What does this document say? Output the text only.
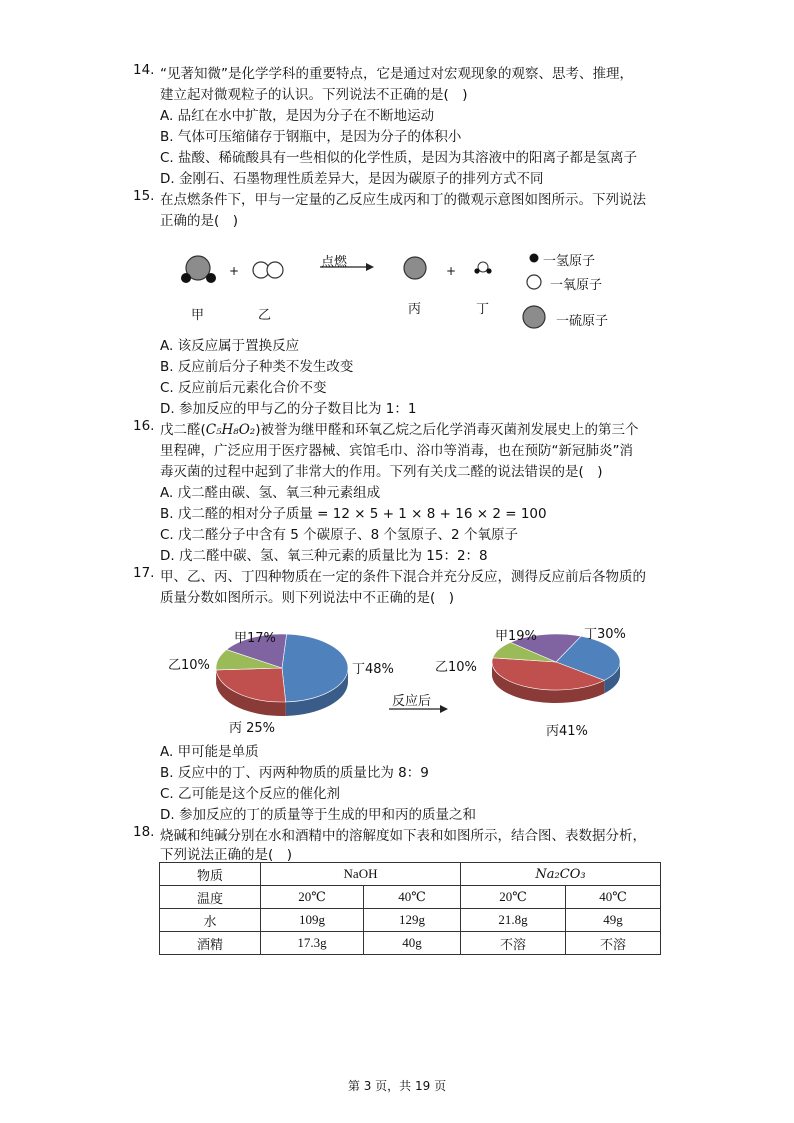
14. “见著知微”是化学学科的重要特点，它是通过对宏观现象的观察、思考、推理，
建立起对微观粒子的认识。下列说法不正确的是(　)
A. 品红在水中扩散，是因为分子在不断地运动
B. 气体可压缩储存于钢瓶中，是因为分子的体积小
C. 盐酸、稀硫酸具有一些相似的化学性质，是因为其溶液中的阳离子都是氢离子
D. 金刚石、石墨物理性质差异大，是因为碳原子的排列方式不同
15. 在点燃条件下，甲与一定量的乙反应生成丙和丁的微观示意图如图所示。下列说法
正确的是(　)
+	+
点燃
甲	乙	丙	丁
一氢原子
一氧原子
一硫原子
A. 该反应属于置换反应
B. 反应前后分子种类不发生改变
C. 反应前后元素化合价不变
D. 参加反应的甲与乙的分子数目比为 1：1
16. 戊二醛(C₅H₈O₂)被誉为继甲醛和环氧乙烷之后化学消毒灭菌剂发展史上的第三个
里程碑，广泛应用于医疗器械、宾馆毛巾、浴巾等消毒，也在预防“新冠肺炎”消
毒灭菌的过程中起到了非常大的作用。下列有关戊二醛的说法错误的是(　)
A. 戊二醛由碳、氢、氧三种元素组成
B. 戊二醛的相对分子质量 = 12 × 5 + 1 × 8 + 16 × 2 = 100
C. 戊二醛分子中含有 5 个碳原子、8 个氢原子、2 个氧原子
D. 戊二醛中碳、氢、氧三种元素的质量比为 15：2：8
17. 甲、乙、丙、丁四种物质在一定的条件下混合并充分反应，测得反应前后各物质的
质量分数如图所示。则下列说法中不正确的是(　)
甲17%
乙10%	丁48%
丙 25%
甲19%	丁30%
乙10%
丙41%
反应后
A. 甲可能是单质
B. 反应中的丁、丙两种物质的质量比为 8：9
C. 乙可能是这个反应的催化剂
D. 参加反应的丁的质量等于生成的甲和丙的质量之和
18. 烧碱和纯碱分别在水和酒精中的溶解度如下表和如图所示，结合图、表数据分析，
下列说法正确的是(　)
物质	NaOH		Na₂CO₃	
温度	20℃	40℃	20℃	40℃
水	109g	129g	21.8g	49g
酒精	17.3g	40g	不溶	不溶
第 3 页，共 19 页
